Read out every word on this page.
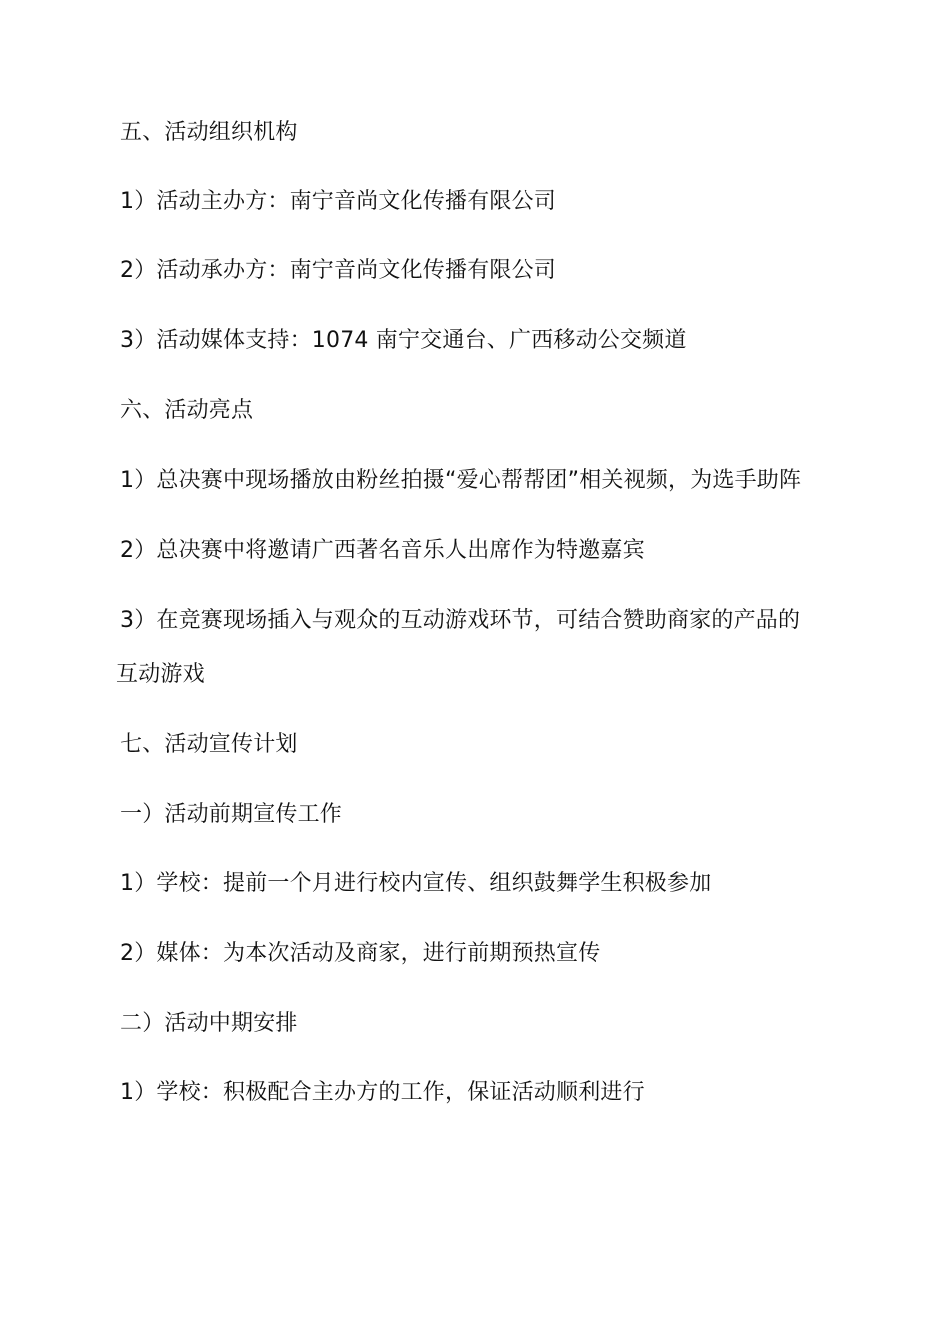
五、活动组织机构
1）活动主办方：南宁音尚文化传播有限公司
2）活动承办方：南宁音尚文化传播有限公司
3）活动媒体支持：1074 南宁交通台、广西移动公交频道
六、活动亮点
1）总决赛中现场播放由粉丝拍摄“爱心帮帮团”相关视频，为选手助阵
2）总决赛中将邀请广西著名音乐人出席作为特邀嘉宾
3）在竞赛现场插入与观众的互动游戏环节，可结合赞助商家的产品的
互动游戏
七、活动宣传计划
一）活动前期宣传工作
1）学校：提前一个月进行校内宣传、组织鼓舞学生积极参加
2）媒体：为本次活动及商家，进行前期预热宣传
二）活动中期安排
1）学校：积极配合主办方的工作，保证活动顺利进行
